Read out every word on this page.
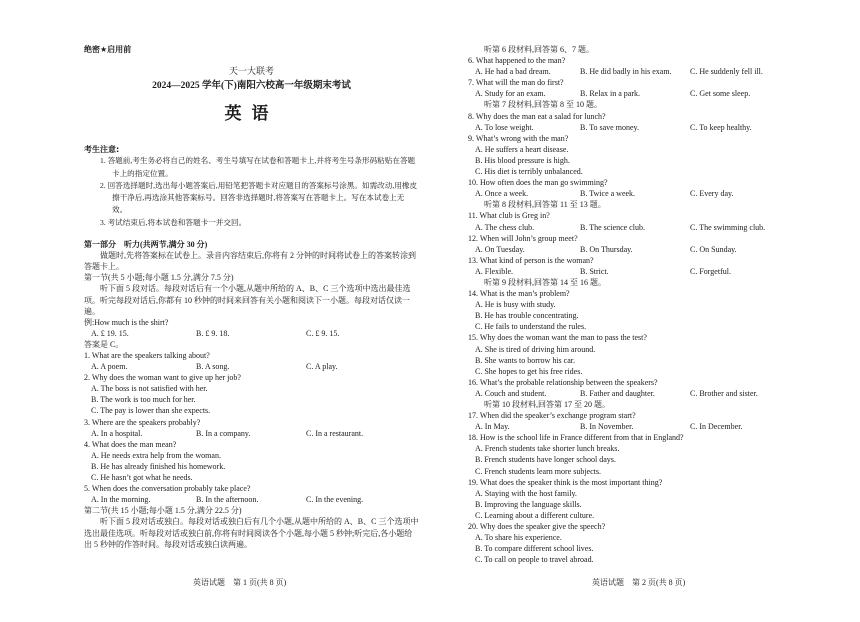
绝密★启用前
天一大联考
2024—2025 学年(下)南阳六校高一年级期末考试
英语
考生注意:
1. 答题前,考生务必将自己的姓名、考生号填写在试卷和答题卡上,并将考生号条形码粘贴在答题卡上的指定位置。
2. 回答选择题时,选出每小题答案后,用铅笔把答题卡对应题目的答案标号涂黑。如需改动,用橡皮擦干净后,再选涂其他答案标号。回答非选择题时,将答案写在答题卡上。写在本试卷上无效。
3. 考试结束后,将本试卷和答题卡一并交回。
第一部分　听力(共两节,满分 30 分)
做题时,先将答案标在试卷上。录音内容结束后,你将有 2 分钟的时间将试卷上的答案转涂到答题卡上。
第一节(共 5 小题;每小题 1.5 分,满分 7.5 分)
听下面 5 段对话。每段对话后有一个小题,从题中所给的 A、B、C 三个选项中选出最佳选项。听完每段对话后,你都有 10 秒钟的时间来回答有关小题和阅读下一小题。每段对话仅读一遍。
例:How much is the shirt?
A. £ 19. 15.	B. £ 9. 18.	C. £ 9. 15.
答案是 C。
1. What are the speakers talking about?
A. A poem.	B. A song.	C. A play.
2. Why does the woman want to give up her job?
A. The boss is not satisfied with her.
B. The work is too much for her.
C. The pay is lower than she expects.
3. Where are the speakers probably?
A. In a hospital.	B. In a company.	C. In a restaurant.
4. What does the man mean?
A. He needs extra help from the woman.
B. He has already finished his homework.
C. He hasn’t got what he needs.
5. When does the conversation probably take place?
A. In the morning.	B. In the afternoon.	C. In the evening.
第二节(共 15 小题;每小题 1.5 分,满分 22.5 分)
听下面 5 段对话或独白。每段对话或独白后有几个小题,从题中所给的 A、B、C 三个选项中选出最佳选项。听每段对话或独白前,你将有时间阅读各个小题,每小题 5 秒钟;听完后,各小题给出 5 秒钟的作答时间。每段对话或独白读两遍。
听第 6 段材料,回答第 6、7 题。
6. What happened to the man?
A. He had a bad dream.	B. He did badly in his exam.	C. He suddenly fell ill.
7. What will the man do first?
A. Study for an exam.	B. Relax in a park.	C. Get some sleep.
听第 7 段材料,回答第 8 至 10 题。
8. Why does the man eat a salad for lunch?
A. To lose weight.	B. To save money.	C. To keep healthy.
9. What’s wrong with the man?
A. He suffers a heart disease.
B. His blood pressure is high.
C. His diet is terribly unbalanced.
10. How often does the man go swimming?
A. Once a week.	B. Twice a week.	C. Every day.
听第 8 段材料,回答第 11 至 13 题。
11. What club is Greg in?
A. The chess club.	B. The science club.	C. The swimming club.
12. When will John’s group meet?
A. On Tuesday.	B. On Thursday.	C. On Sunday.
13. What kind of person is the woman?
A. Flexible.	B. Strict.	C. Forgetful.
听第 9 段材料,回答第 14 至 16 题。
14. What is the man’s problem?
A. He is busy with study.
B. He has trouble concentrating.
C. He fails to understand the rules.
15. Why does the woman want the man to pass the test?
A. She is tired of driving him around.
B. She wants to borrow his car.
C. She hopes to get his free rides.
16. What’s the probable relationship between the speakers?
A. Couch and student.	B. Father and daughter.	C. Brother and sister.
听第 10 段材料,回答第 17 至 20 题。
17. When did the speaker’s exchange program start?
A. In May.	B. In November.	C. In December.
18. How is the school life in France different from that in England?
A. French students take shorter lunch breaks.
B. French students have longer school days.
C. French students learn more subjects.
19. What does the speaker think is the most important thing?
A. Staying with the host family.
B. Improving the language skills.
C. Learning about a different culture.
20. Why does the speaker give the speech?
A. To share his experience.
B. To compare different school lives.
C. To call on people to travel abroad.
英语试题　第 1 页(共 8 页)	英语试题　第 2 页(共 8 页)
